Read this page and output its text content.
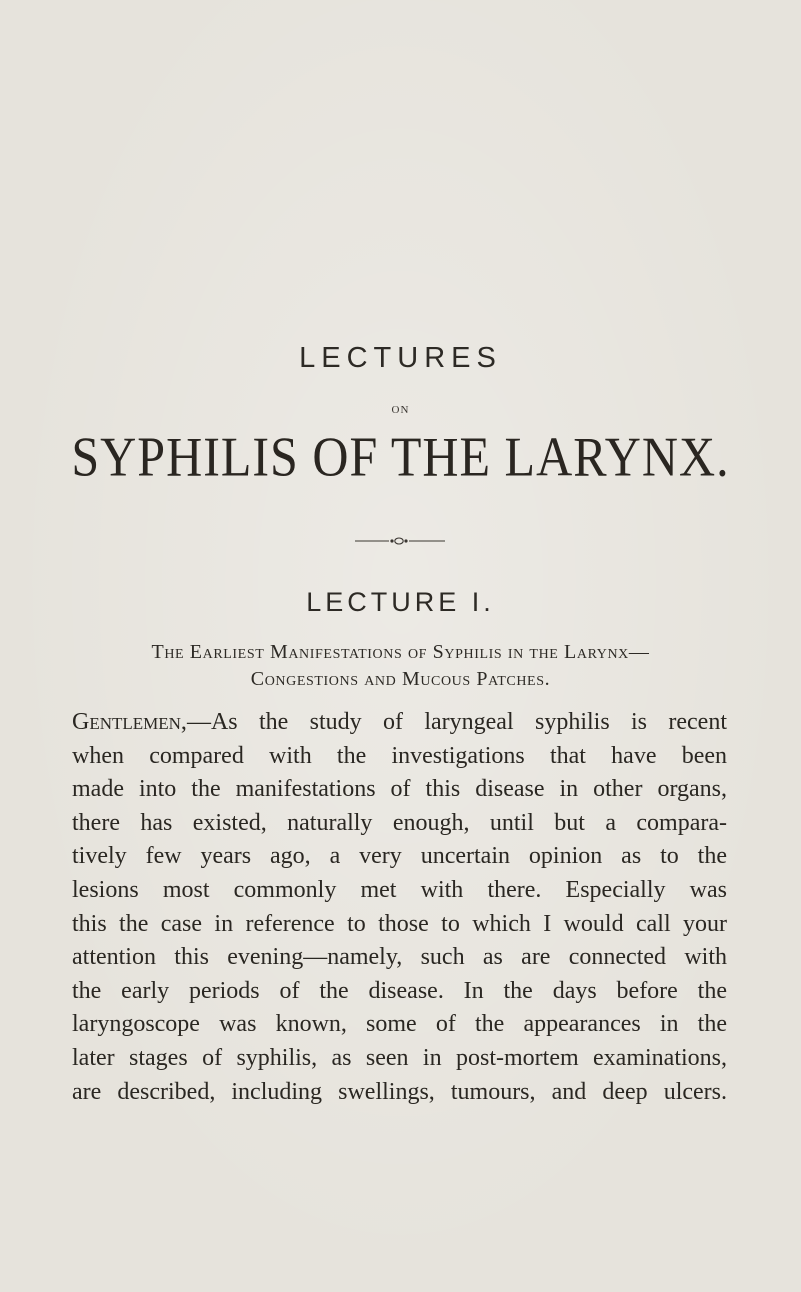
LECTURES
ON
SYPHILIS OF THE LARYNX.
LECTURE I.
The Earliest Manifestations of Syphilis in the Larynx—
Congestions and Mucous Patches.
Gentlemen,—As the study of laryngeal syphilis is recent
when compared with the investigations that have been
made into the manifestations of this disease in other organs,
there has existed, naturally enough, until but a compara-
tively few years ago, a very uncertain opinion as to the
lesions most commonly met with there. Especially was
this the case in reference to those to which I would call your
attention this evening—namely, such as are connected with
the early periods of the disease. In the days before the
laryngoscope was known, some of the appearances in the
later stages of syphilis, as seen in post-mortem examinations,
are described, including swellings, tumours, and deep ulcers.
